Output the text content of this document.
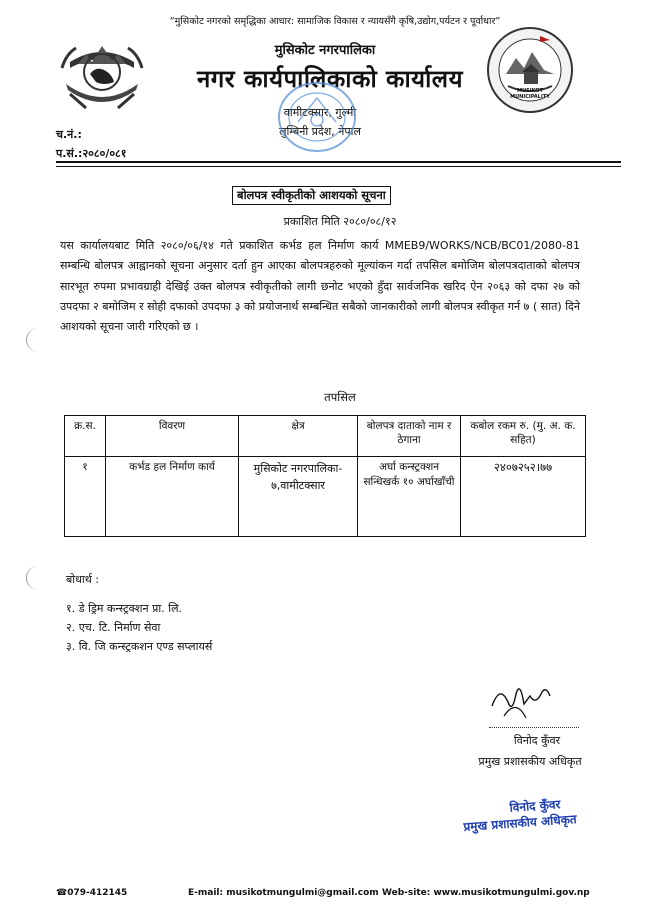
“मुसिकोट नगरको समृद्धिका आधार: सामाजिक विकास र न्यायसँगै कृषि,उद्योग,पर्यटन र पूर्वाधार”
मुसिकोट नगरपालिका
नगर कार्यपालिकाको कार्यालय
वामीटक्सार, गुल्मी
लुम्बिनी प्रदेश, नेपाल
MUSIKOT MUNICIPALITY
च.नं.:
प.सं.:२०८०/०८१
बोलपत्र स्वीकृतीको आशयको सूचना
प्रकाशित मिति २०८०/०८/१२

यस कार्यालयबाट मिति २०८०/०६/१४ गते प्रकाशित कर्भड हल निर्माण कार्य MMEB9/WORKS/NCB/BC01/2080-81 सम्बन्धि बोलपत्र आह्वानको सूचना अनुसार दर्ता हुन आएका बोलपत्रहरुको मूल्यांकन गर्दा तपसिल बमोजिम बोलपत्रदाताको बोलपत्र सारभूत रुपमा प्रभावग्राही देखिई उक्त बोलपत्र स्वीकृतीको लागी छनोट भएको हुँदा सार्वजनिक खरिद ऐन २०६३ को दफा २७ को उपदफा २ बमोजिम र सोही दफाको उपदफा ३ को प्रयोजनार्थ सम्बन्धित सबैको जानकारीको लागी बोलपत्र स्वीकृत गर्न ७ ( सात) दिने आशयको सूचना जारी गरिएको छ ।

तपसिल
क्र.स.	विवरण	क्षेत्र	बोलपत्र दाताको नाम र ठेगाना	कबोल रकम रु. (मु. अ. क. सहित)
१	कर्भड हल निर्माण कार्य	मुसिकोट नगरपालिका- ७,वामीटक्सार	अर्घा कन्स्ट्रक्शन सन्धिखर्क १० अर्घाखाँची	२४०७२५२।७७
बोधार्थ :
१. डे ड्रिम कन्स्ट्रक्शन प्रा. लि.
२. एच. टि. निर्माण सेवा
३. वि. जि कन्स्ट्रकशन एण्ड सप्लायर्स
विनोद कुँवर
प्रमुख प्रशासकीय अधिकृत
विनोद कुँवर
प्रमुख प्रशासकीय अधिकृत
☎079-412145	E-mail: musikotmungulmi@gmail.com Web-site: www.musikotmungulmi.gov.np
